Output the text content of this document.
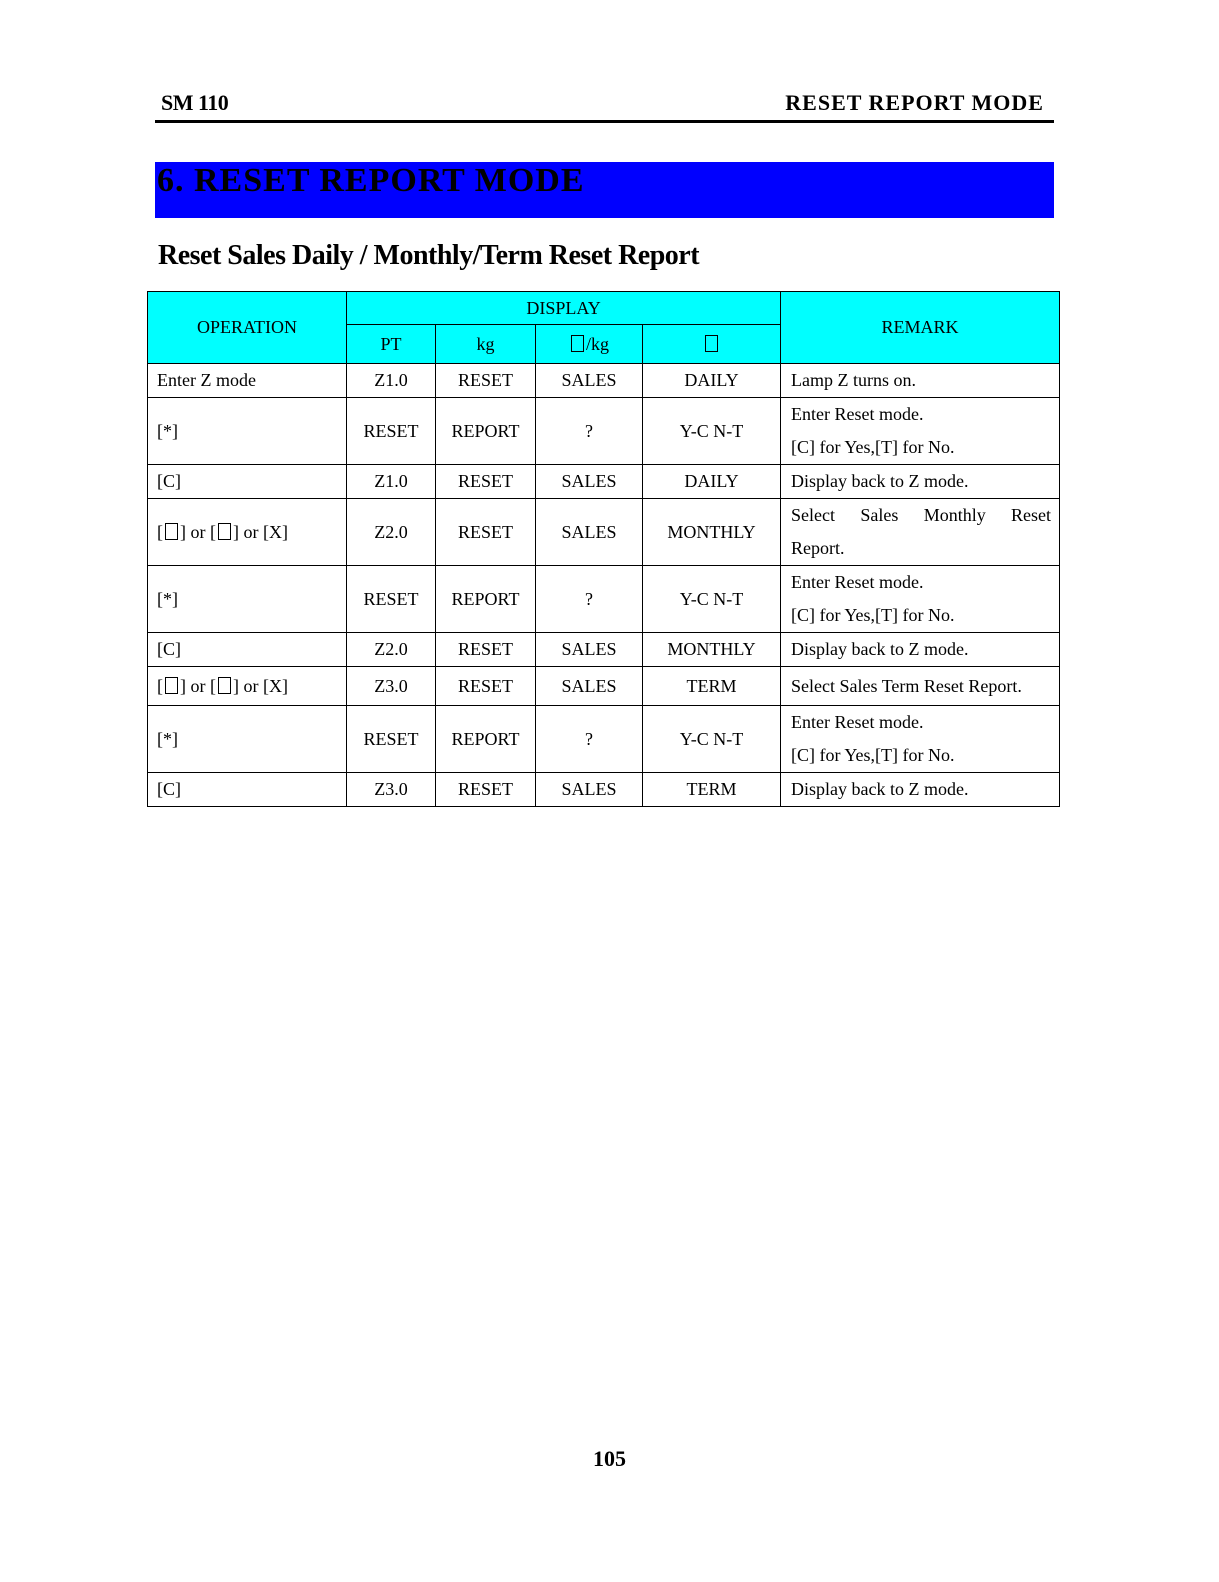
SM 110	RESET REPORT MODE
6. RESET REPORT MODE
Reset Sales Daily / Monthly/Term Reset Report
OPERATION	DISPLAY				REMARK
	PT	kg	/kg		
Enter Z mode	Z1.0	RESET	SALES	DAILY	Lamp Z turns on.

[*]	RESET	REPORT	?	Y-C N-T	Enter Reset mode.
[C] for Yes,[T] for No.

[C]	Z1.0	RESET	SALES	DAILY	Display back to Z mode.

[ ] or [ ] or [X]	Z2.0	RESET	SALES	MONTHLY	Select Sales Monthly Reset
Report.

[*]	RESET	REPORT	?	Y-C N-T	Enter Reset mode.
[C] for Yes,[T] for No.

[C]	Z2.0	RESET	SALES	MONTHLY	Display back to Z mode.

[ ] or [ ] or [X]	Z3.0	RESET	SALES	TERM	Select Sales Term Reset Report.

[*]	RESET	REPORT	?	Y-C N-T	Enter Reset mode.
[C] for Yes,[T] for No.

[C]	Z3.0	RESET	SALES	TERM	Display back to Z mode.
105
